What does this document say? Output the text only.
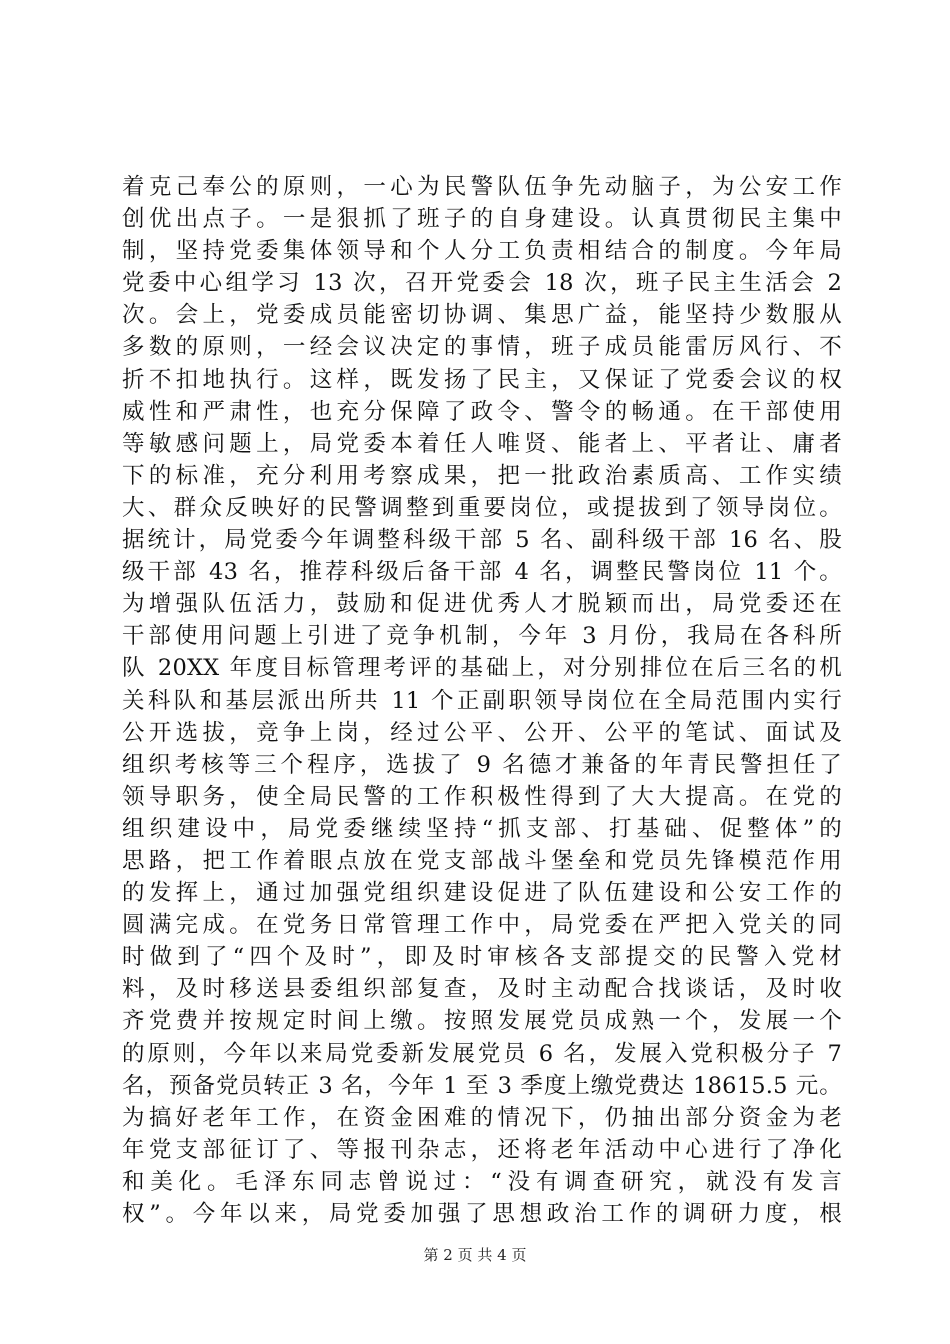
着克己奉公的原则，一心为民警队伍争先动脑子，为公安工作
创优出点子。一是狠抓了班子的自身建设。认真贯彻民主集中
制，坚持党委集体领导和个人分工负责相结合的制度。今年局
党委中心组学习 13 次，召开党委会 18 次，班子民主生活会 2
次。会上，党委成员能密切协调、集思广益，能坚持少数服从
多数的原则，一经会议决定的事情，班子成员能雷厉风行、不
折不扣地执行。这样，既发扬了民主，又保证了党委会议的权
威性和严肃性，也充分保障了政令、警令的畅通。在干部使用
等敏感问题上，局党委本着任人唯贤、能者上、平者让、庸者
下的标准，充分利用考察成果，把一批政治素质高、工作实绩
大、群众反映好的民警调整到重要岗位，或提拔到了领导岗位。
据统计，局党委今年调整科级干部 5 名、副科级干部 16 名、股
级干部 43 名，推荐科级后备干部 4 名，调整民警岗位 11 个。
为增强队伍活力，鼓励和促进优秀人才脱颖而出，局党委还在
干部使用问题上引进了竞争机制，今年 3 月份，我局在各科所
队 20XX 年度目标管理考评的基础上，对分别排位在后三名的机
关科队和基层派出所共 11 个正副职领导岗位在全局范围内实行
公开选拔，竞争上岗，经过公平、公开、公平的笔试、面试及
组织考核等三个程序，选拔了 9 名德才兼备的年青民警担任了
领导职务，使全局民警的工作积极性得到了大大提高。在党的
组织建设中，局党委继续坚持“抓支部、打基础、促整体”的
思路，把工作着眼点放在党支部战斗堡垒和党员先锋模范作用
的发挥上，通过加强党组织建设促进了队伍建设和公安工作的
圆满完成。在党务日常管理工作中，局党委在严把入党关的同
时做到了“四个及时”，即及时审核各支部提交的民警入党材
料，及时移送县委组织部复查，及时主动配合找谈话，及时收
齐党费并按规定时间上缴。按照发展党员成熟一个，发展一个
的原则，今年以来局党委新发展党员 6 名，发展入党积极分子 7
名，预备党员转正 3 名，今年 1 至 3 季度上缴党费达 18615.5 元。
为搞好老年工作，在资金困难的情况下，仍抽出部分资金为老
年党支部征订了、等报刊杂志，还将老年活动中心进行了净化
和美化。毛泽东同志曾说过：“没有调查研究，就没有发言
权”。今年以来，局党委加强了思想政治工作的调研力度，根
第 2 页 共 4 页
